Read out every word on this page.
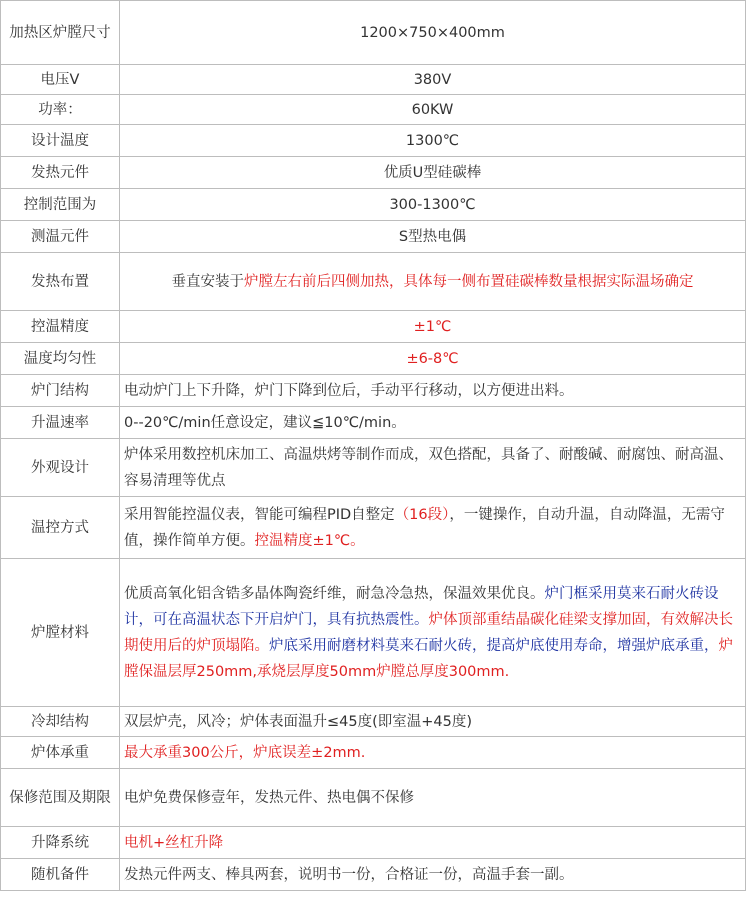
加热区炉膛尺寸	1200×750×400mm
电压V	380V
功率：	60KW
设计温度	1300℃
发热元件	优质U型硅碳棒
控制范围为	300-1300℃
测温元件	S型热电偶
发热布置	垂直安装于炉膛左右前后四侧加热，具体每一侧布置硅碳棒数量根据实际温场确定
控温精度	±1℃
温度均匀性	±6-8℃
炉门结构	电动炉门上下升降，炉门下降到位后，手动平行移动，以方便进出料。
升温速率	0--20℃/min任意设定，建议≦10℃/min。
外观设计	炉体采用数控机床加工、高温烘烤等制作而成，双色搭配，具备了、耐酸碱、耐腐蚀、耐高温、容易清理等优点
温控方式	采用智能控温仪表，智能可编程PID自整定（16段），一键操作，自动升温，自动降温，无需守值，操作简单方便。控温精度±1℃。
炉膛材料	优质高氧化铝含锆多晶体陶瓷纤维，耐急冷急热，保温效果优良。炉门框采用莫来石耐火砖设计，可在高温状态下开启炉门，具有抗热震性。炉体顶部重结晶碳化硅梁支撑加固，有效解决长期使用后的炉顶塌陷。炉底采用耐磨材料莫来石耐火砖，提高炉底使用寿命，增强炉底承重，炉膛保温层厚250mm,承烧层厚度50mm炉膛总厚度300mm.
冷却结构	双层炉壳，风冷；炉体表面温升≤45度(即室温+45度)
炉体承重	最大承重300公斤，炉底误差±2mm.
保修范围及期限	电炉免费保修壹年，发热元件、热电偶不保修
升降系统	电机+丝杠升降
随机备件	发热元件两支、棒具两套，说明书一份，合格证一份，高温手套一副。
